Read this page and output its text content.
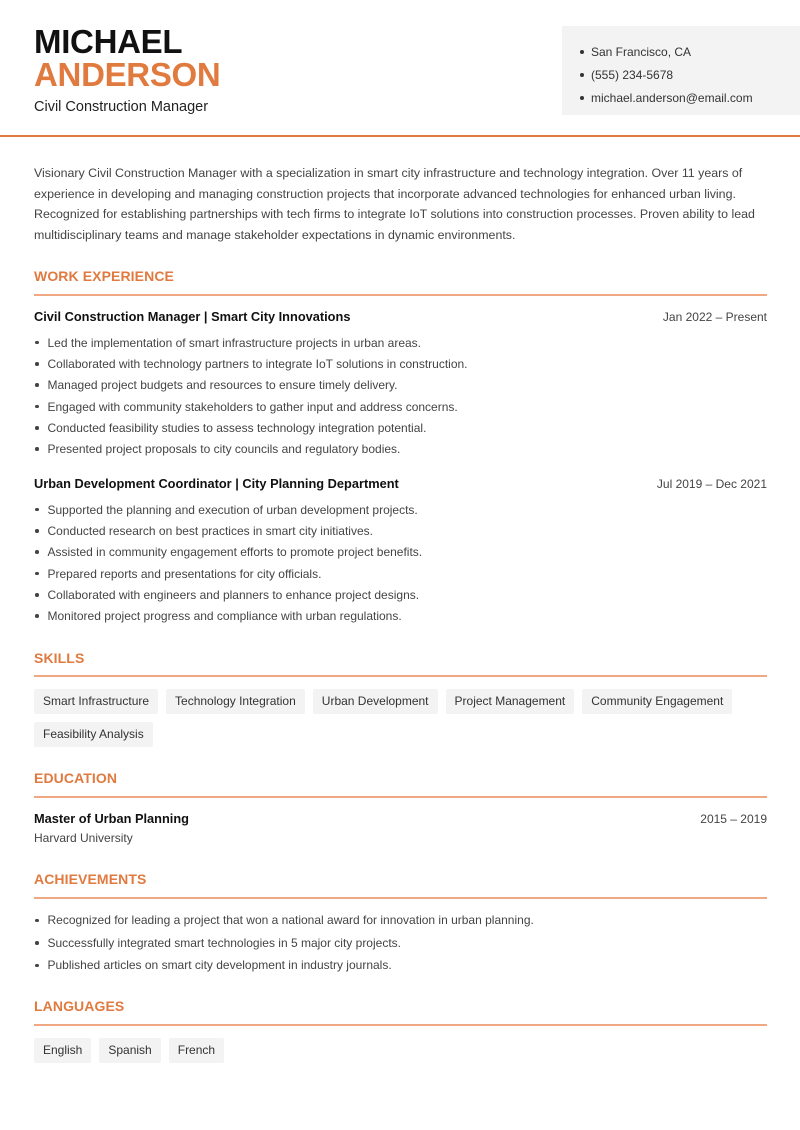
MICHAEL
ANDERSON
Civil Construction Manager
San Francisco, CA
(555) 234-5678
michael.anderson@email.com

Visionary Civil Construction Manager with a specialization in smart city infrastructure and technology integration. Over 11 years of experience in developing and managing construction projects that incorporate advanced technologies for enhanced urban living. Recognized for establishing partnerships with tech firms to integrate IoT solutions into construction processes. Proven ability to lead multidisciplinary teams and manage stakeholder expectations in dynamic environments.

WORK EXPERIENCE
Civil Construction Manager | Smart City Innovations	Jan 2022 – Present
Led the implementation of smart infrastructure projects in urban areas.
Collaborated with technology partners to integrate IoT solutions in construction.
Managed project budgets and resources to ensure timely delivery.
Engaged with community stakeholders to gather input and address concerns.
Conducted feasibility studies to assess technology integration potential.
Presented project proposals to city councils and regulatory bodies.
Urban Development Coordinator | City Planning Department	Jul 2019 – Dec 2021
Supported the planning and execution of urban development projects.
Conducted research on best practices in smart city initiatives.
Assisted in community engagement efforts to promote project benefits.
Prepared reports and presentations for city officials.
Collaborated with engineers and planners to enhance project designs.
Monitored project progress and compliance with urban regulations.
SKILLS
Smart Infrastructure	Technology Integration	Urban Development	Project Management	Community Engagement
Feasibility Analysis
EDUCATION
Master of Urban Planning	2015 – 2019
Harvard University
ACHIEVEMENTS
Recognized for leading a project that won a national award for innovation in urban planning.
Successfully integrated smart technologies in 5 major city projects.
Published articles on smart city development in industry journals.
LANGUAGES
English	Spanish	French
